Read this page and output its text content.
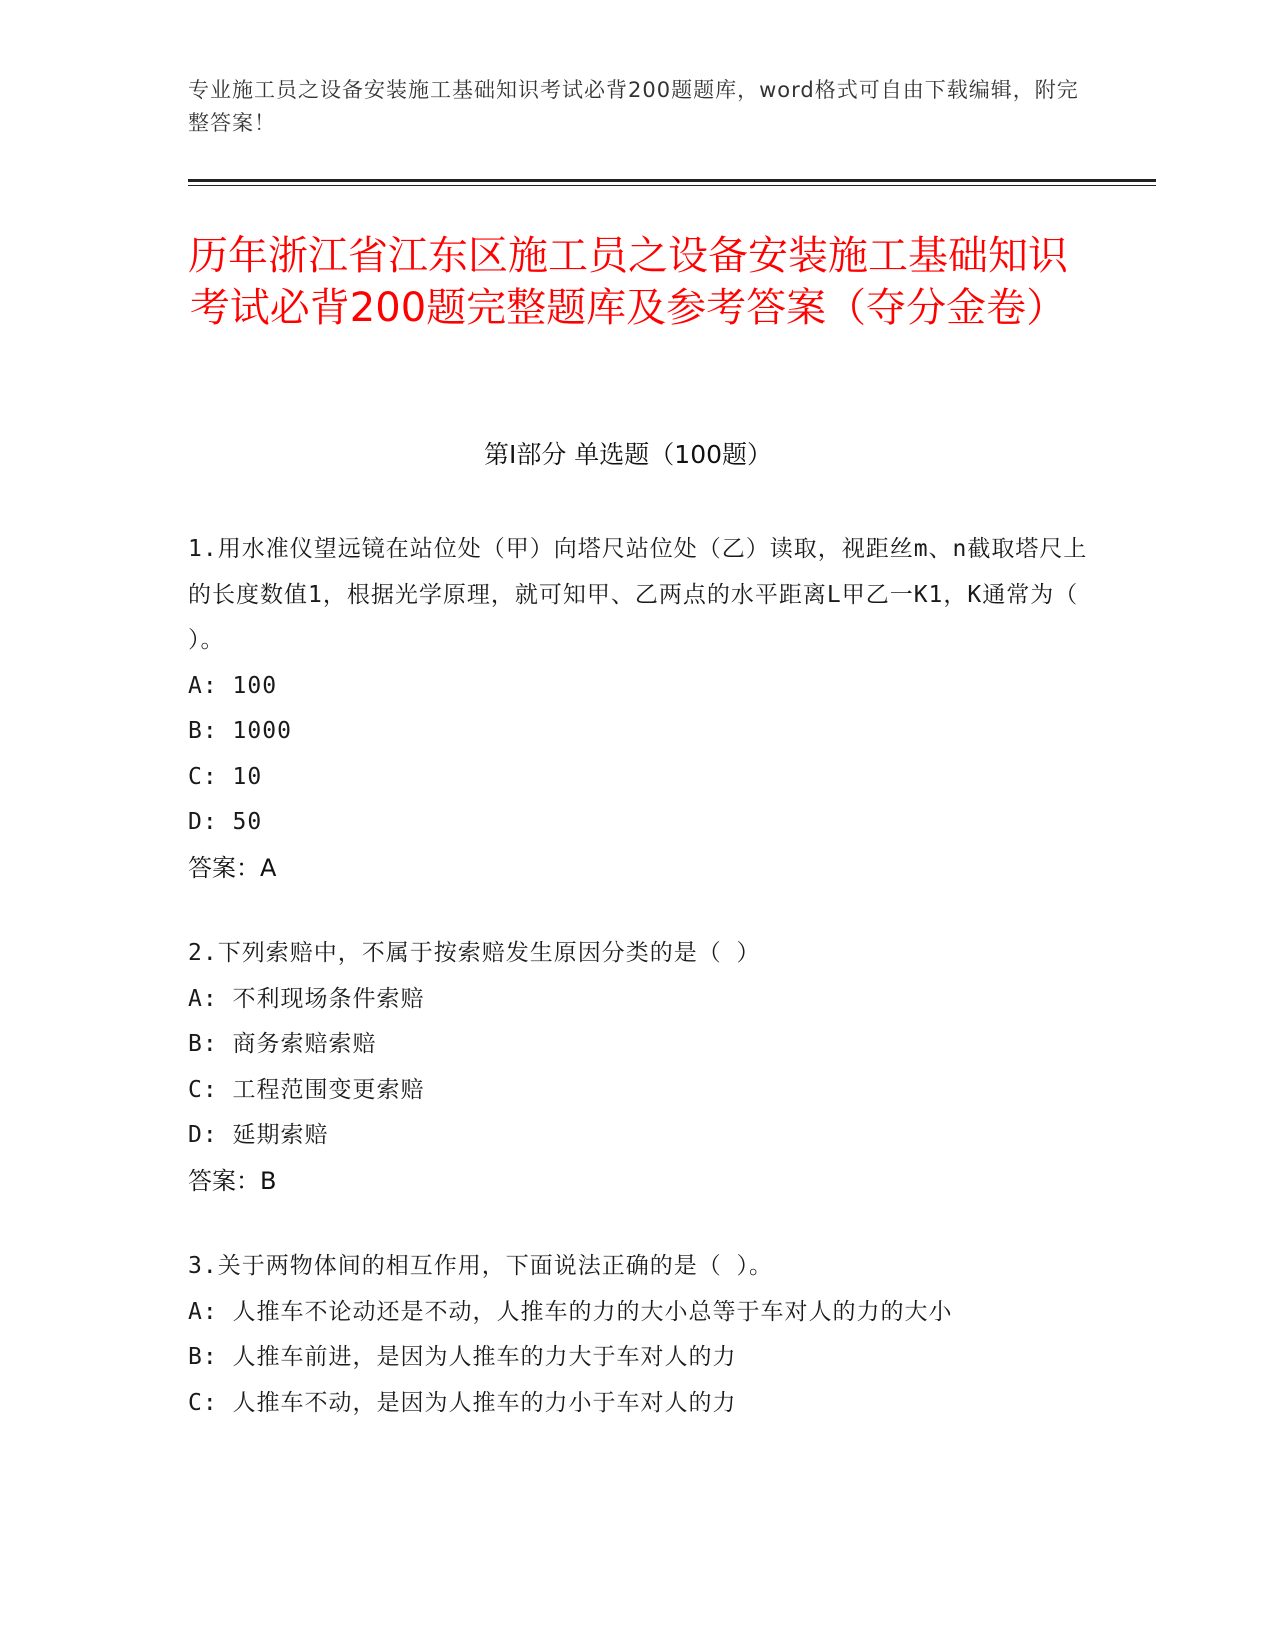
专业施工员之设备安装施工基础知识考试必背200题题库，word格式可自由下载编辑，附完整答案！
历年浙江省江东区施工员之设备安装施工基础知识考试必背200题完整题库及参考答案（夺分金卷）
第I部分 单选题（100题）

1.用水准仪望远镜在站位处（甲）向塔尺站位处（乙）读取，视距丝m、n截取塔尺上的长度数值1，根据光学原理，就可知甲、乙两点的水平距离L甲乙一K1，K通常为（ ）。

A: 100

B: 1000

C: 10

D: 50

答案：A

2.下列索赔中，不属于按索赔发生原因分类的是（ ）

A: 不利现场条件索赔

B: 商务索赔索赔

C: 工程范围变更索赔

D: 延期索赔

答案：B

3.关于两物体间的相互作用，下面说法正确的是（ ）。

A: 人推车不论动还是不动，人推车的力的大小总等于车对人的力的大小

B: 人推车前进，是因为人推车的力大于车对人的力

C: 人推车不动，是因为人推车的力小于车对人的力
